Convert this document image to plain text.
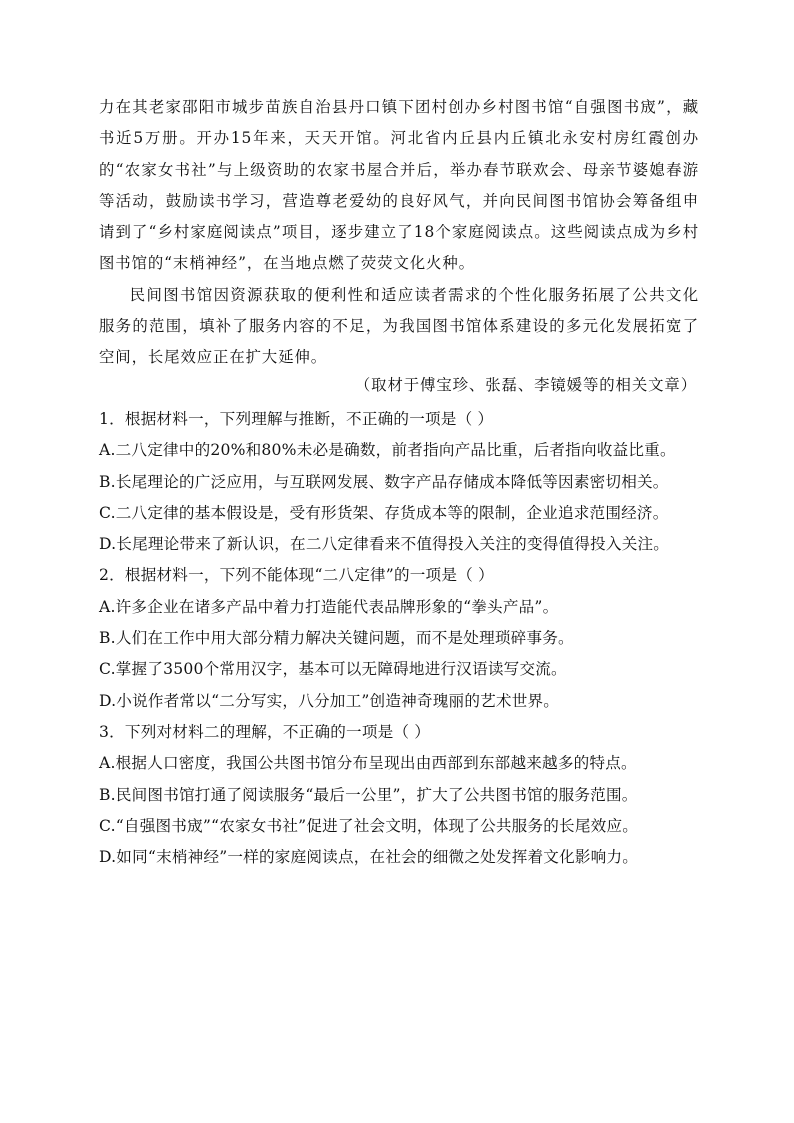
力在其老家邵阳市城步苗族自治县丹口镇下团村创办乡村图书馆“自强图书宬”，藏书近5万册。开办15年来，天天开馆。河北省内丘县内丘镇北永安村房红霞创办的“农家女书社”与上级资助的农家书屋合并后，举办春节联欢会、母亲节婆媳春游等活动，鼓励读书学习，营造尊老爱幼的良好风气，并向民间图书馆协会筹备组申请到了“乡村家庭阅读点”项目，逐步建立了18个家庭阅读点。这些阅读点成为乡村图书馆的“末梢神经”，在当地点燃了荧荧文化火种。

民间图书馆因资源获取的便利性和适应读者需求的个性化服务拓展了公共文化服务的范围，填补了服务内容的不足，为我国图书馆体系建设的多元化发展拓宽了空间，长尾效应正在扩大延伸。

（取材于傅宝珍、张磊、李镜媛等的相关文章）
1．根据材料一，下列理解与推断，不正确的一项是（ ）
A.二八定律中的20%和80%未必是确数，前者指向产品比重，后者指向收益比重。
B.长尾理论的广泛应用，与互联网发展、数字产品存储成本降低等因素密切相关。
C.二八定律的基本假设是，受有形货架、存货成本等的限制，企业追求范围经济。
D.长尾理论带来了新认识，在二八定律看来不值得投入关注的变得值得投入关注。
2．根据材料一，下列不能体现“二八定律”的一项是（ ）
A.许多企业在诸多产品中着力打造能代表品牌形象的“拳头产品”。
B.人们在工作中用大部分精力解决关键问题，而不是处理琐碎事务。
C.掌握了3500个常用汉字，基本可以无障碍地进行汉语读写交流。
D.小说作者常以“二分写实，八分加工”创造神奇瑰丽的艺术世界。
3．下列对材料二的理解，不正确的一项是（ ）
A.根据人口密度，我国公共图书馆分布呈现出由西部到东部越来越多的特点。
B.民间图书馆打通了阅读服务“最后一公里”，扩大了公共图书馆的服务范围。
C.“自强图书宬”“农家女书社”促进了社会文明，体现了公共服务的长尾效应。
D.如同“末梢神经”一样的家庭阅读点，在社会的细微之处发挥着文化影响力。
